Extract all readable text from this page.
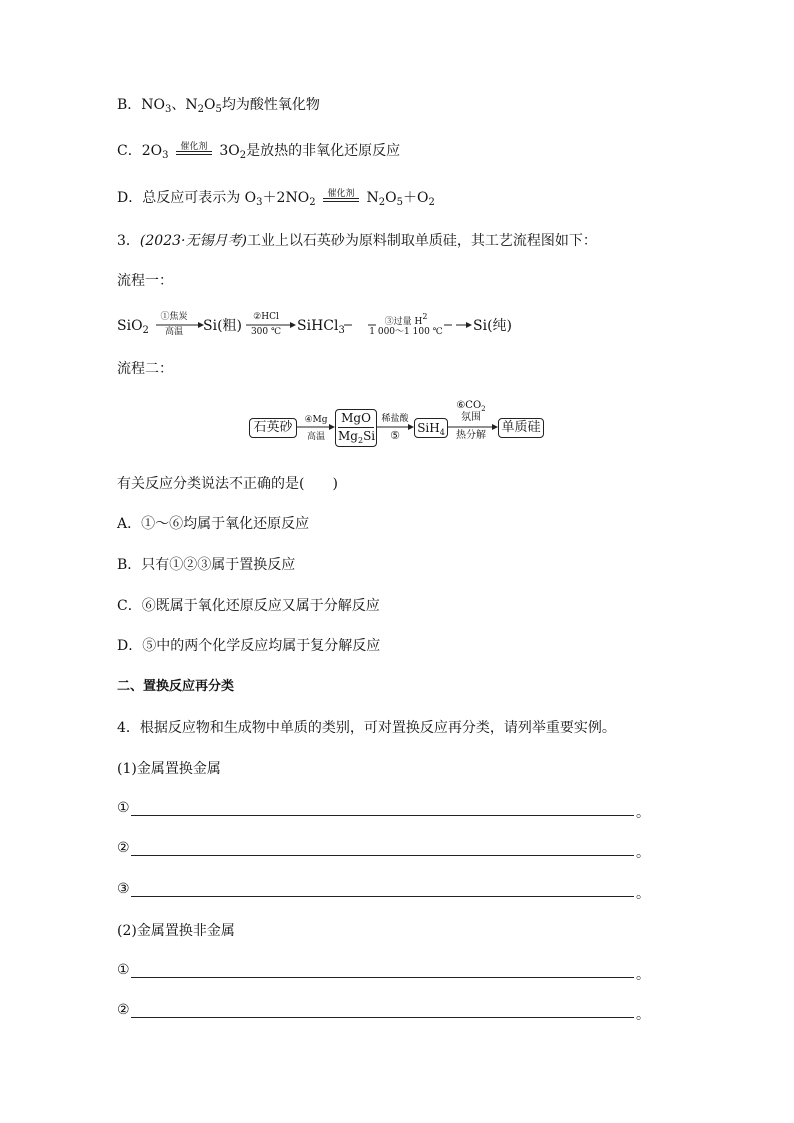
B．$NO_3$、$N_2O_5$均为酸性氧化物
C．$2O_3$
催化剂 $3O_2$是放热的非氧化还原反应
D．总反应可表示为 $O_3+2NO_2$
催化剂 $N_2O_5+O_2$
3．(2023·无锡月考)工业上以石英砂为原料制取单质硅，其工艺流程图如下：
流程一：
SiO$_2$
①焦炭
高温	Si(粗)
②HCl
300 ℃	SiHCl$_3$
③过量 H2
1 000～1 100 ℃ Si(纯)
流程二：
石英砂	④Mg
高温
MgO
$Mg_2Si$
稀盐酸
⑤
SiH$_4$
$⑥CO_2$
氛围
热分解
单质硅
有关反应分类说法不正确的是(　　)
A．①～⑥均属于氧化还原反应
B．只有①②③属于置换反应
C．⑥既属于氧化还原反应又属于分解反应
D．⑤中的两个化学反应均属于复分解反应
二、置换反应再分类
4．根据反应物和生成物中单质的类别，可对置换反应再分类，请列举重要实例。
(1)金属置换金属
①	。
②	。
③	。
(2)金属置换非金属
①	。
②	。
